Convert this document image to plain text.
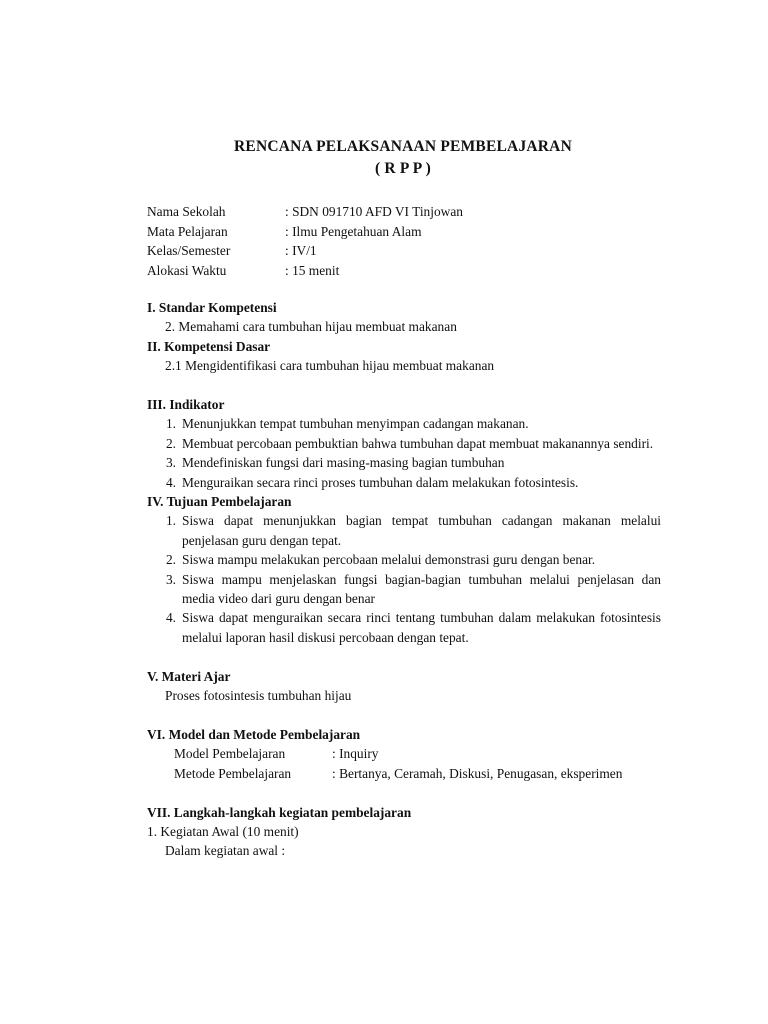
RENCANA PELAKSANAAN PEMBELAJARAN
( R P P )
Nama Sekolah	: SDN 091710 AFD VI Tinjowan
Mata Pelajaran	: Ilmu Pengetahuan Alam
Kelas/Semester	: IV/1
Alokasi Waktu	: 15 menit
I. Standar Kompetensi
2. Memahami cara tumbuhan hijau membuat makanan
II. Kompetensi Dasar
2.1 Mengidentifikasi cara tumbuhan hijau membuat makanan
III. Indikator
1. Menunjukkan tempat tumbuhan menyimpan cadangan makanan.
2. Membuat percobaan pembuktian bahwa tumbuhan dapat membuat makanannya sendiri.
3. Mendefiniskan fungsi dari masing-masing bagian tumbuhan
4. Menguraikan secara rinci proses tumbuhan dalam melakukan fotosintesis.
IV. Tujuan Pembelajaran
1. Siswa dapat menunjukkan bagian tempat tumbuhan cadangan makanan melalui penjelasan guru dengan tepat.
2. Siswa mampu melakukan percobaan melalui demonstrasi guru dengan benar.
3. Siswa mampu menjelaskan fungsi bagian-bagian tumbuhan melalui penjelasan dan media video dari guru dengan benar
4. Siswa dapat menguraikan secara rinci tentang tumbuhan dalam melakukan fotosintesis melalui laporan hasil diskusi percobaan dengan tepat.
V. Materi Ajar
Proses fotosintesis tumbuhan hijau
VI. Model dan Metode Pembelajaran
Model Pembelajaran	: Inquiry
Metode Pembelajaran	: Bertanya, Ceramah, Diskusi, Penugasan, eksperimen
VII. Langkah-langkah kegiatan pembelajaran
1. Kegiatan Awal (10 menit)
Dalam kegiatan awal :
